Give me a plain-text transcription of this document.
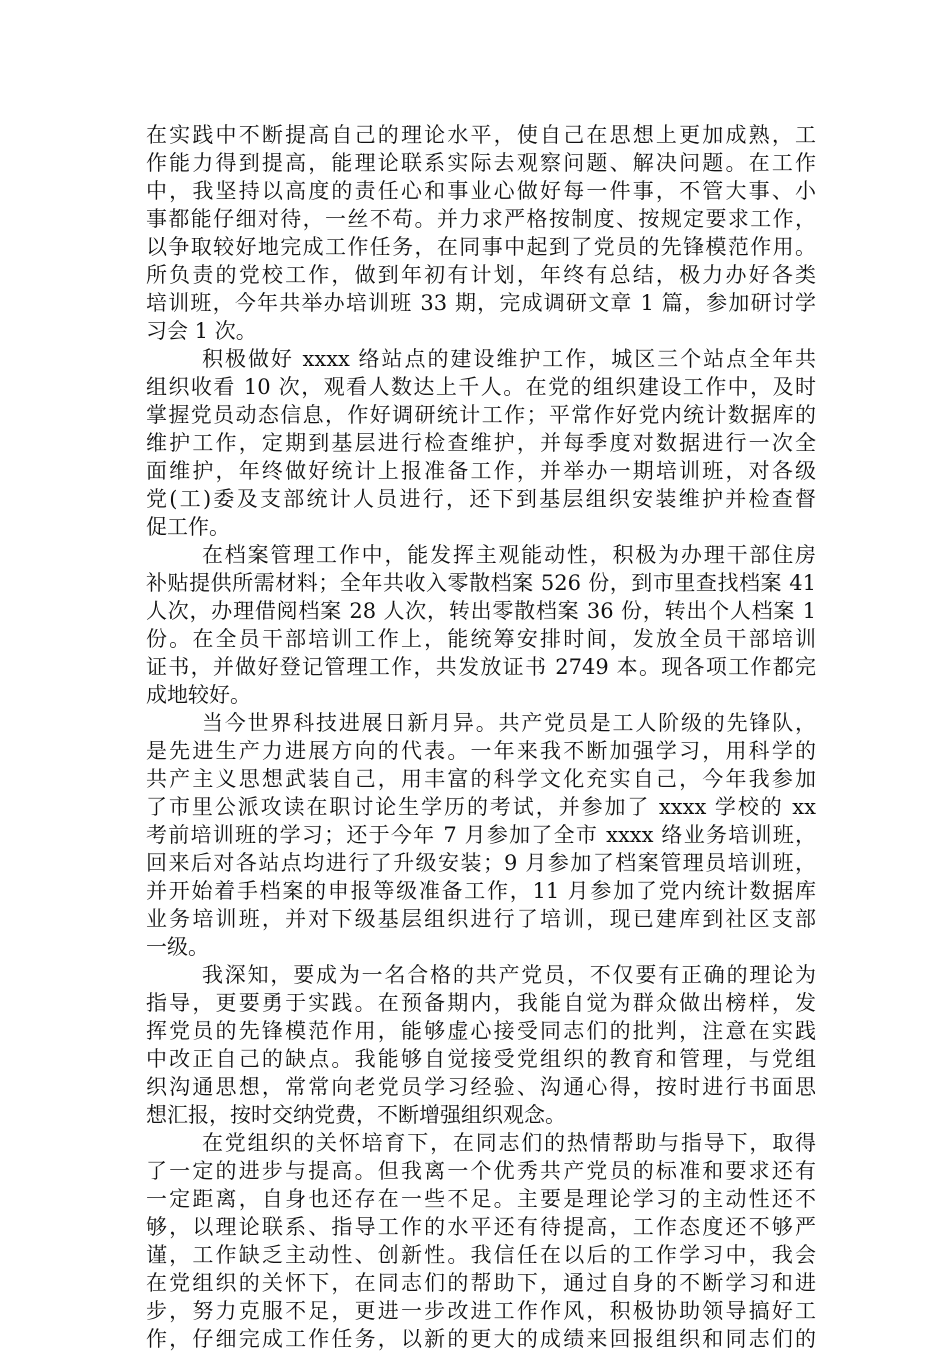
在实践中不断提高自己的理论水平，使自己在思想上更加成熟，工

作能力得到提高，能理论联系实际去观察问题、解决问题。在工作

中，我坚持以高度的责任心和事业心做好每一件事，不管大事、小

事都能仔细对待，一丝不苟。并力求严格按制度、按规定要求工作，

以争取较好地完成工作任务，在同事中起到了党员的先锋模范作用。

所负责的党校工作，做到年初有计划，年终有总结，极力办好各类

培训班，今年共举办培训班 33 期，完成调研文章 1 篇，参加研讨学

习会 1 次。

积极做好 xxxx 络站点的建设维护工作，城区三个站点全年共

组织收看 10 次，观看人数达上千人。在党的组织建设工作中，及时

掌握党员动态信息，作好调研统计工作；平常作好党内统计数据库的

维护工作，定期到基层进行检查维护，并每季度对数据进行一次全

面维护，年终做好统计上报准备工作，并举办一期培训班，对各级

党(工)委及支部统计人员进行，还下到基层组织安装维护并检查督

促工作。

在档案管理工作中，能发挥主观能动性，积极为办理干部住房

补贴提供所需材料；全年共收入零散档案 526 份，到市里查找档案 41

人次，办理借阅档案 28 人次，转出零散档案 36 份，转出个人档案 1

份。在全员干部培训工作上，能统筹安排时间，发放全员干部培训

证书，并做好登记管理工作，共发放证书 2749 本。现各项工作都完

成地较好。

当今世界科技进展日新月异。共产党员是工人阶级的先锋队，

是先进生产力进展方向的代表。一年来我不断加强学习，用科学的

共产主义思想武装自己，用丰富的科学文化充实自己，今年我参加

了市里公派攻读在职讨论生学历的考试，并参加了 xxxx 学校的 xx

考前培训班的学习；还于今年 7 月参加了全市 xxxx 络业务培训班，

回来后对各站点均进行了升级安装；9 月参加了档案管理员培训班，

并开始着手档案的申报等级准备工作，11 月参加了党内统计数据库

业务培训班，并对下级基层组织进行了培训，现已建库到社区支部

一级。

我深知，要成为一名合格的共产党员，不仅要有正确的理论为

指导，更要勇于实践。在预备期内，我能自觉为群众做出榜样，发

挥党员的先锋模范作用，能够虚心接受同志们的批判，注意在实践

中改正自己的缺点。我能够自觉接受党组织的教育和管理，与党组

织沟通思想，常常向老党员学习经验、沟通心得，按时进行书面思

想汇报，按时交纳党费，不断增强组织观念。

在党组织的关怀培育下，在同志们的热情帮助与指导下，取得

了一定的进步与提高。但我离一个优秀共产党员的标准和要求还有

一定距离，自身也还存在一些不足。主要是理论学习的主动性还不

够，以理论联系、指导工作的水平还有待提高，工作态度还不够严

谨，工作缺乏主动性、创新性。我信任在以后的工作学习中，我会

在党组织的关怀下，在同志们的帮助下，通过自身的不断学习和进

步，努力克服不足，更进一步改进工作作风，积极协助领导搞好工

作，仔细完成工作任务，以新的更大的成绩来回报组织和同志们的
